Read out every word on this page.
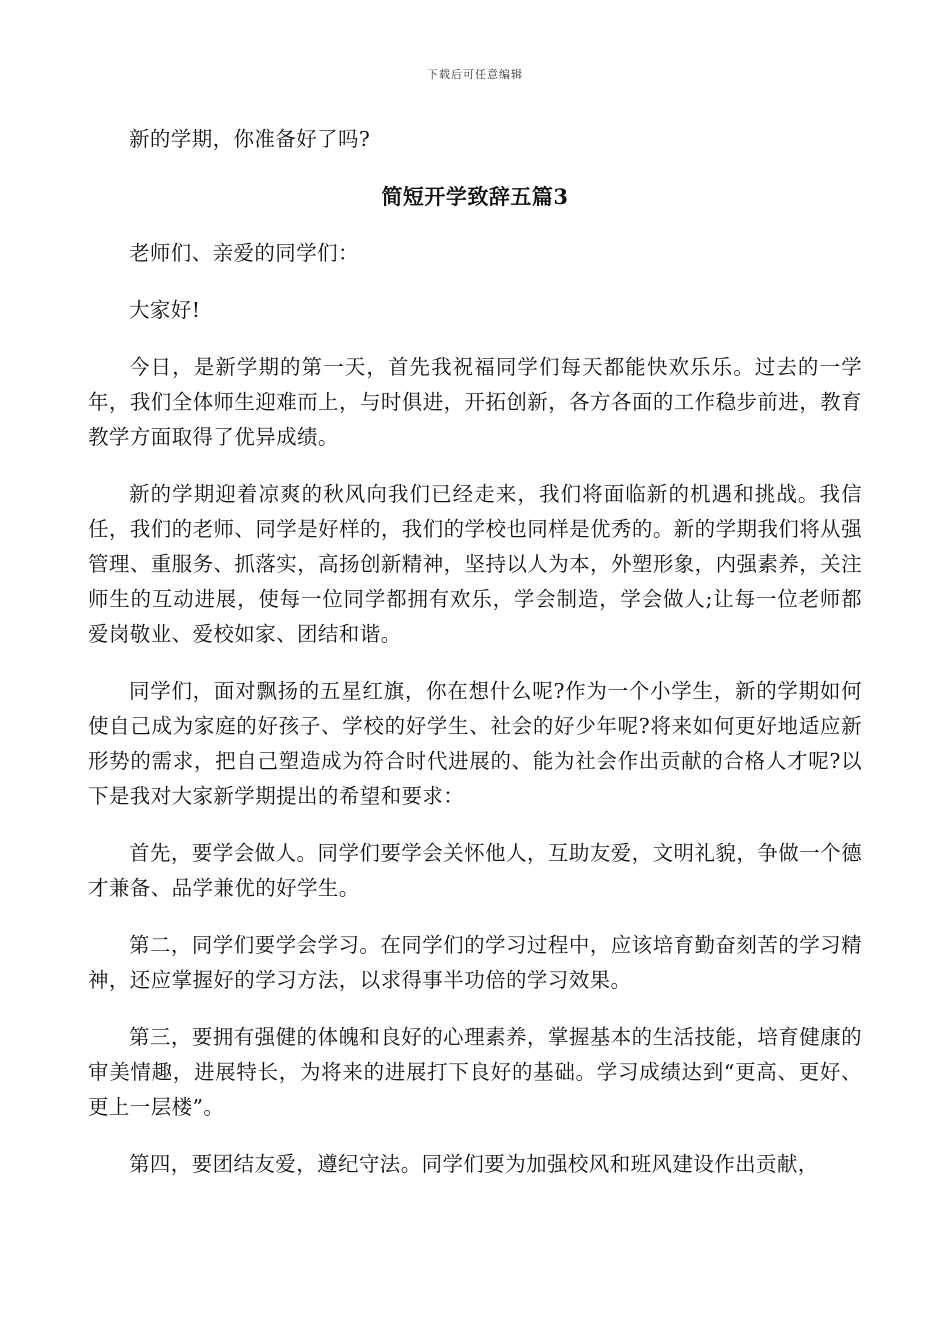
下载后可任意编辑

新的学期，你准备好了吗?

简短开学致辞五篇3

老师们、亲爱的同学们：

大家好!

今日，是新学期的第一天，首先我祝福同学们每天都能快欢乐乐。过去的一学年，我们全体师生迎难而上，与时俱进，开拓创新，各方各面的工作稳步前进，教育教学方面取得了优异成绩。

新的学期迎着凉爽的秋风向我们已经走来，我们将面临新的机遇和挑战。我信任，我们的老师、同学是好样的，我们的学校也同样是优秀的。新的学期我们将从强管理、重服务、抓落实，高扬创新精神，坚持以人为本，外塑形象，内强素养，关注师生的互动进展，使每一位同学都拥有欢乐，学会制造，学会做人;让每一位老师都爱岗敬业、爱校如家、团结和谐。

同学们，面对飘扬的五星红旗，你在想什么呢?作为一个小学生，新的学期如何使自己成为家庭的好孩子、学校的好学生、社会的好少年呢?将来如何更好地适应新形势的需求，把自己塑造成为符合时代进展的、能为社会作出贡献的合格人才呢?以下是我对大家新学期提出的希望和要求：

首先，要学会做人。同学们要学会关怀他人，互助友爱，文明礼貌，争做一个德才兼备、品学兼优的好学生。

第二，同学们要学会学习。在同学们的学习过程中，应该培育勤奋刻苦的学习精神，还应掌握好的学习方法，以求得事半功倍的学习效果。

第三，要拥有强健的体魄和良好的心理素养，掌握基本的生活技能，培育健康的审美情趣，进展特长，为将来的进展打下良好的基础。学习成绩达到“更高、更好、更上一层楼”。

第四，要团结友爱，遵纪守法。同学们要为加强校风和班风建设作出贡献，
